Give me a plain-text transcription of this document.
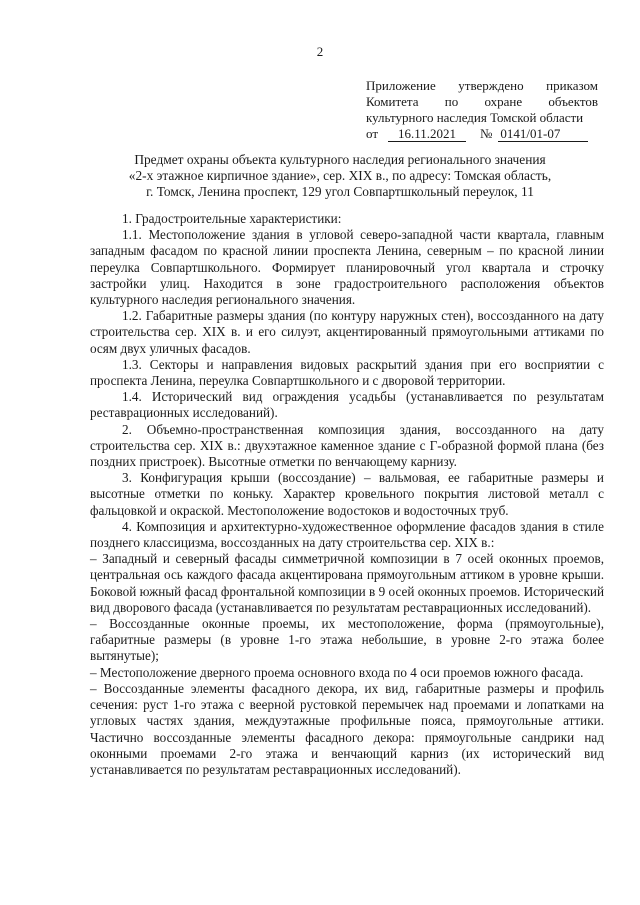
2
Приложение утверждено приказом
Комитета по охране объектов
культурного наследия Томской области
от	16.11.2021	№ 0141/01-07
Предмет охраны объекта культурного наследия регионального значения
«2-х этажное кирпичное здание», сер. XIX в., по адресу: Томская область,
г. Томск, Ленина проспект, 129 угол Совпартшкольный переулок, 11

1. Градостроительные характеристики:

1.1. Местоположение здания в угловой северо-западной части квартала, главным западным фасадом по красной линии проспекта Ленина, северным – по красной линии переулка Совпартшкольного. Формирует планировочный угол квартала и строчку застройки улиц. Находится в зоне градостроительного расположения объектов культурного наследия регионального значения.

1.2. Габаритные размеры здания (по контуру наружных стен), воссозданного на дату строительства сер. XIX в. и его силуэт, акцентированный прямоугольными аттиками по осям двух уличных фасадов.

1.3. Секторы и направления видовых раскрытий здания при его восприятии с проспекта Ленина, переулка Совпартшкольного и с дворовой территории.

1.4. Исторический вид ограждения усадьбы (устанавливается по результатам реставрационных исследований).

2. Объемно-пространственная композиция здания, воссозданного на дату строительства сер. XIX в.: двухэтажное каменное здание с Г-образной формой плана (без поздних пристроек). Высотные отметки по венчающему карнизу.

3. Конфигурация крыши (воссоздание) – вальмовая, ее габаритные размеры и высотные отметки по коньку. Характер кровельного покрытия листовой металл с фальцовкой и окраской. Местоположение водостоков и водосточных труб.

4. Композиция и архитектурно-художественное оформление фасадов здания в стиле позднего классицизма, воссозданных на дату строительства сер. XIX в.:

– Западный и северный фасады симметричной композиции в 7 осей оконных проемов, центральная ось каждого фасада акцентирована прямоугольным аттиком в уровне крыши. Боковой южный фасад фронтальной композиции в 9 осей оконных проемов. Исторический вид дворового фасада (устанавливается по результатам реставрационных исследований).

– Воссозданные оконные проемы, их местоположение, форма (прямоугольные), габаритные размеры (в уровне 1-го этажа небольшие, в уровне 2-го этажа более вытянутые);

– Местоположение дверного проема основного входа по 4 оси проемов южного фасада.

– Воссозданные элементы фасадного декора, их вид, габаритные размеры и профиль сечения: руст 1-го этажа с веерной рустовкой перемычек над проемами и лопатками на угловых частях здания, междуэтажные профильные пояса, прямоугольные аттики. Частично воссозданные элементы фасадного декора: прямоугольные сандрики над оконными проемами 2-го этажа и венчающий карниз (их исторический вид устанавливается по результатам реставрационных исследований).
